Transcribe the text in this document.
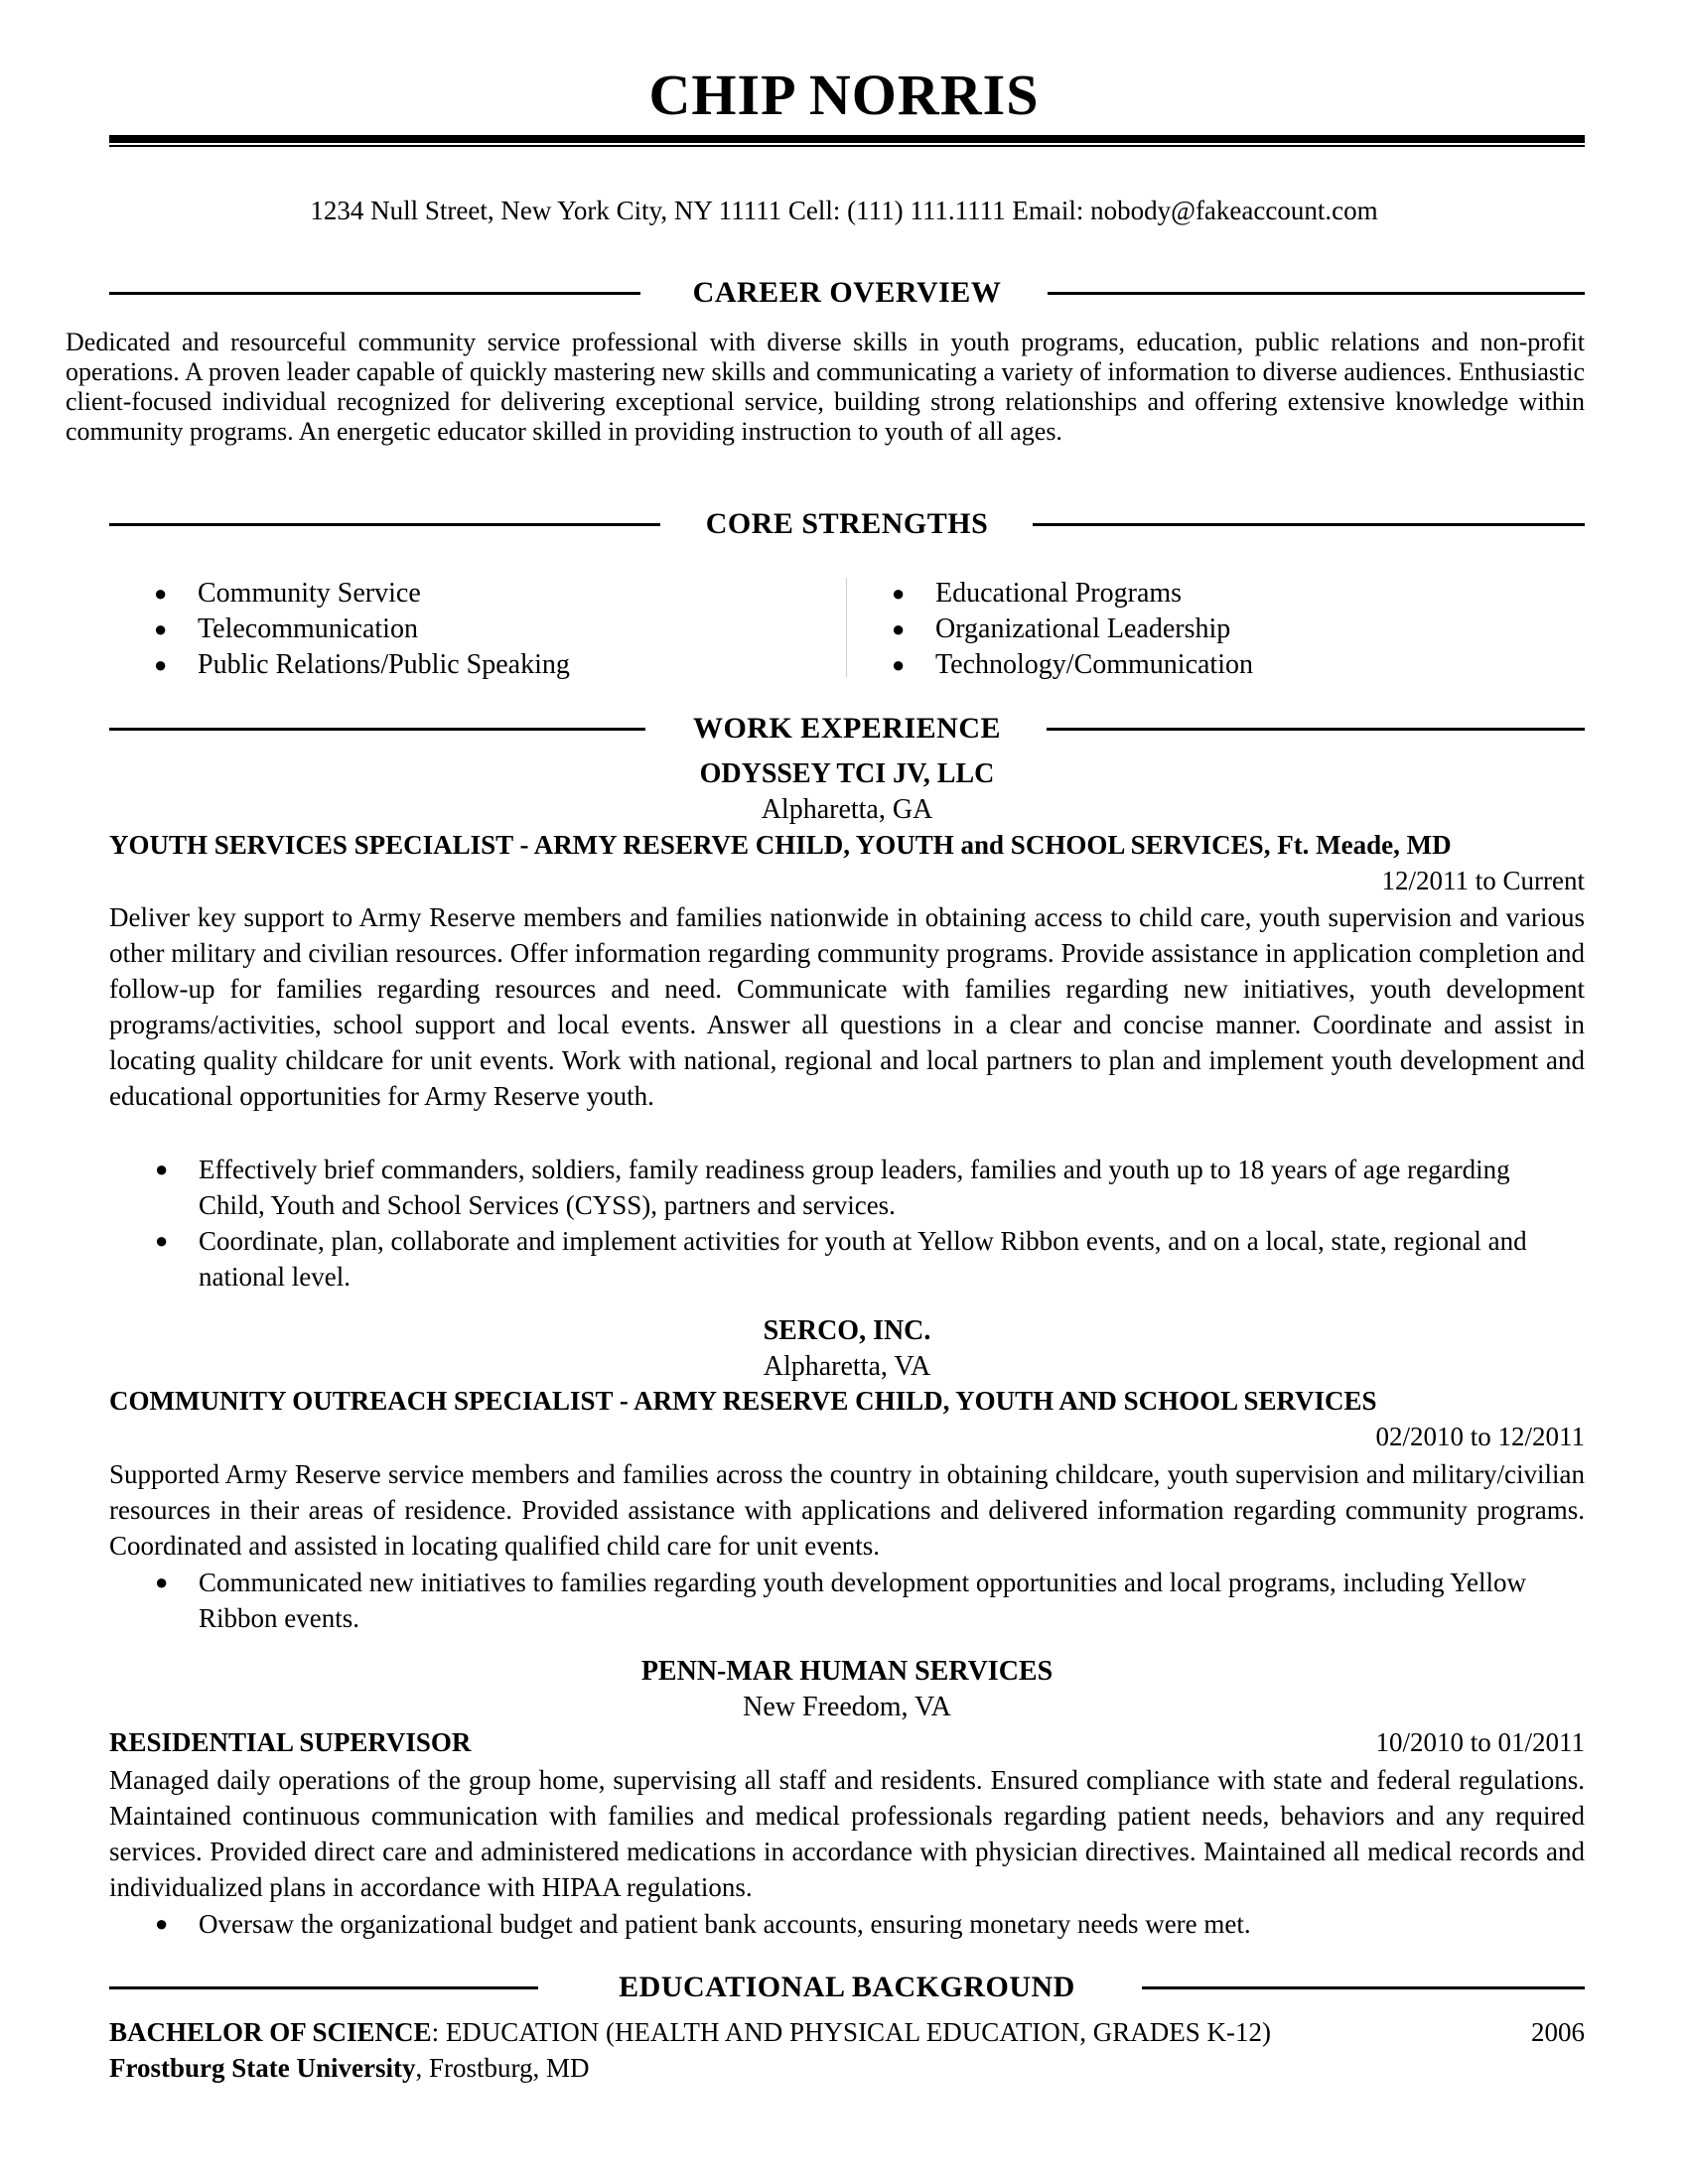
CHIP NORRIS
1234 Null Street, New York City, NY 11111 Cell: (111) 111.1111 Email: nobody@fakeaccount.com
CAREER OVERVIEW
Dedicated and resourceful community service professional with diverse skills in youth programs, education, public relations and non-profit operations. A proven leader capable of quickly mastering new skills and communicating a variety of information to diverse audiences. Enthusiastic client-focused individual recognized for delivering exceptional service, building strong relationships and offering extensive knowledge within community programs. An energetic educator skilled in providing instruction to youth of all ages.
CORE STRENGTHS
● Community Service
● Telecommunication
● Public Relations/Public Speaking
● Educational Programs
● Organizational Leadership
● Technology/Communication
WORK EXPERIENCE
ODYSSEY TCI JV, LLC
Alpharetta, GA
YOUTH SERVICES SPECIALIST - ARMY RESERVE CHILD, YOUTH and SCHOOL SERVICES, Ft. Meade, MD
12/2011 to Current
Deliver key support to Army Reserve members and families nationwide in obtaining access to child care, youth supervision and various other military and civilian resources. Offer information regarding community programs. Provide assistance in application completion and follow-up for families regarding resources and need. Communicate with families regarding new initiatives, youth development programs/activities, school support and local events. Answer all questions in a clear and concise manner. Coordinate and assist in locating quality childcare for unit events. Work with national, regional and local partners to plan and implement youth development and educational opportunities for Army Reserve youth.
● Effectively brief commanders, soldiers, family readiness group leaders, families and youth up to 18 years of age regarding Child, Youth and School Services (CYSS), partners and services.
● Coordinate, plan, collaborate and implement activities for youth at Yellow Ribbon events, and on a local, state, regional and national level.
SERCO, INC.
Alpharetta, VA
COMMUNITY OUTREACH SPECIALIST - ARMY RESERVE CHILD, YOUTH AND SCHOOL SERVICES
02/2010 to 12/2011
Supported Army Reserve service members and families across the country in obtaining childcare, youth supervision and military/civilian resources in their areas of residence. Provided assistance with applications and delivered information regarding community programs. Coordinated and assisted in locating qualified child care for unit events.
● Communicated new initiatives to families regarding youth development opportunities and local programs, including Yellow Ribbon events.
PENN-MAR HUMAN SERVICES
New Freedom, VA
RESIDENTIAL SUPERVISOR	10/2010 to 01/2011
Managed daily operations of the group home, supervising all staff and residents. Ensured compliance with state and federal regulations. Maintained continuous communication with families and medical professionals regarding patient needs, behaviors and any required services. Provided direct care and administered medications in accordance with physician directives. Maintained all medical records and individualized plans in accordance with HIPAA regulations.
● Oversaw the organizational budget and patient bank accounts, ensuring monetary needs were met.
EDUCATIONAL BACKGROUND
BACHELOR OF SCIENCE: EDUCATION (HEALTH AND PHYSICAL EDUCATION, GRADES K-12)	2006
Frostburg State University, Frostburg, MD
